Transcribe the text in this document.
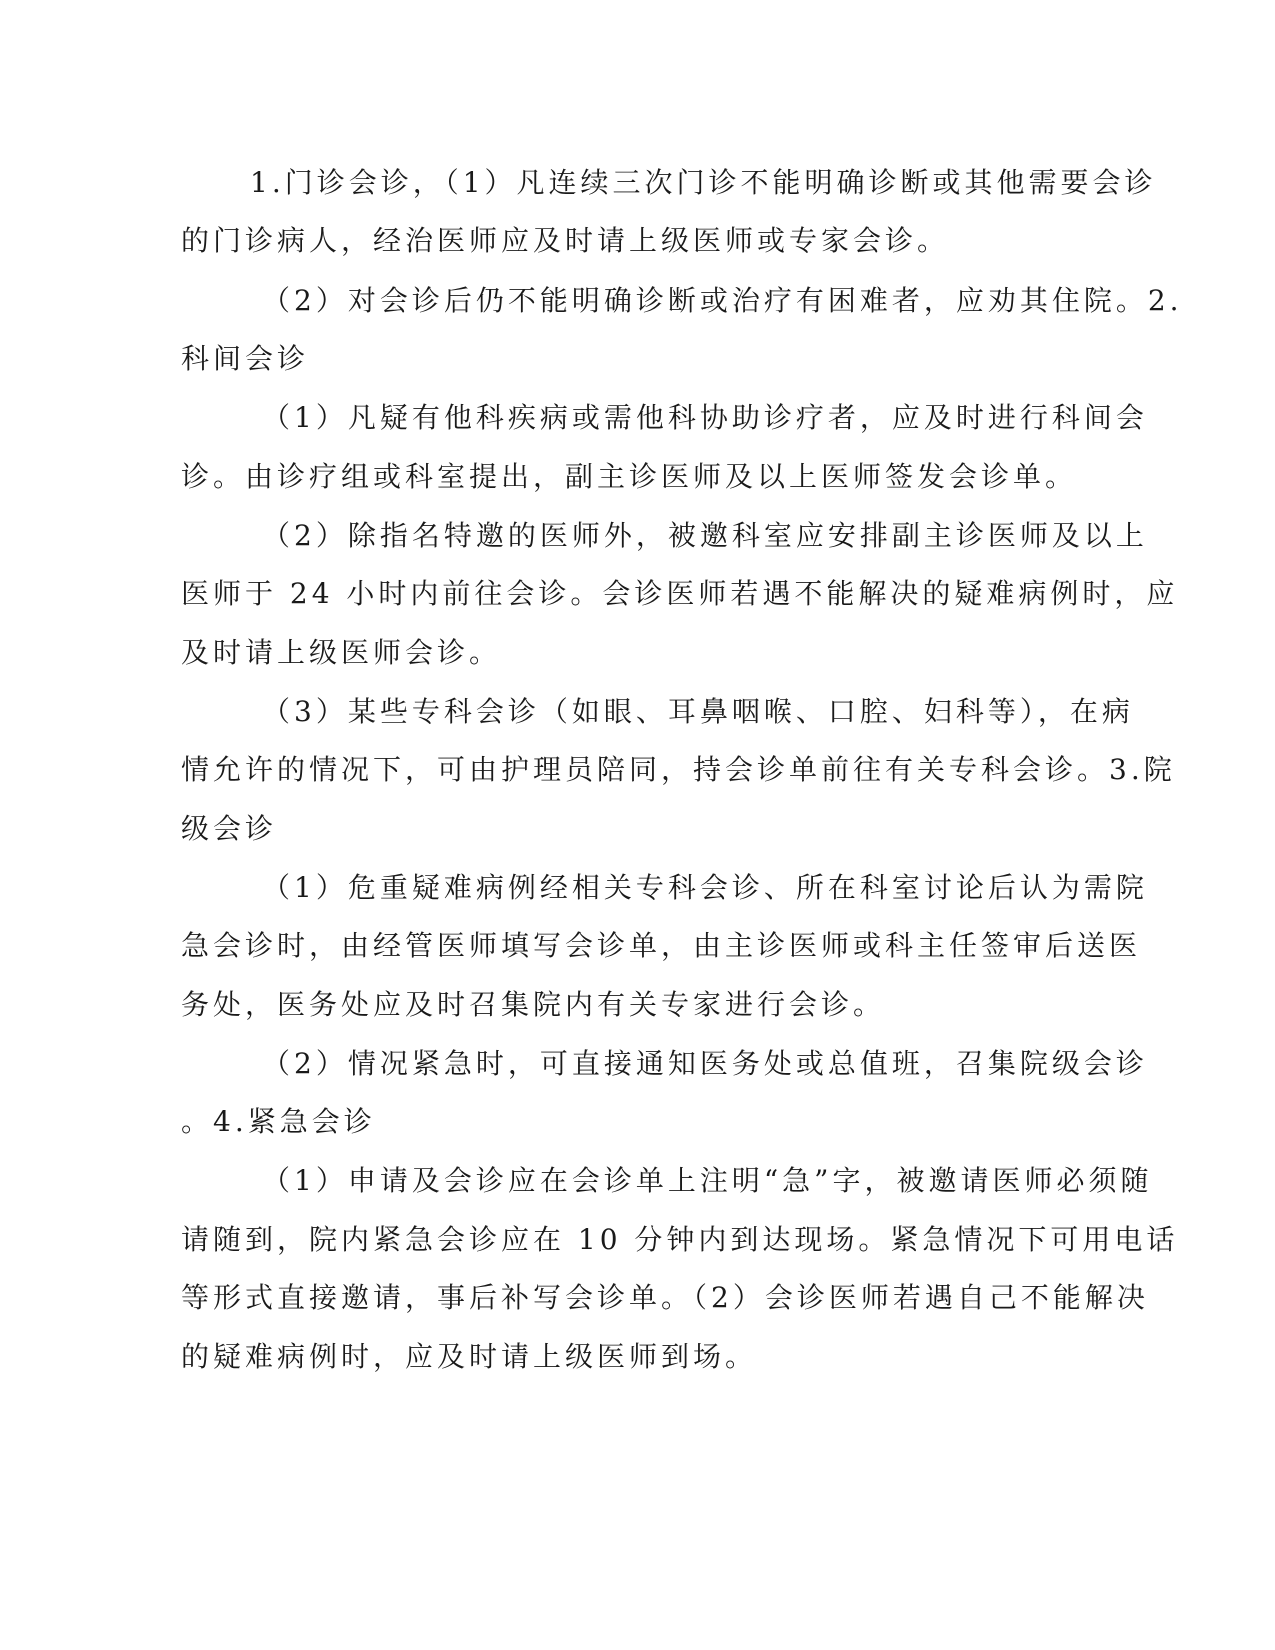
1.门诊会诊，（1）凡连续三次门诊不能明确诊断或其他需要会诊
的门诊病人，经治医师应及时请上级医师或专家会诊。
（2）对会诊后仍不能明确诊断或治疗有困难者，应劝其住院。2.
科间会诊
（1）凡疑有他科疾病或需他科协助诊疗者，应及时进行科间会
诊。由诊疗组或科室提出，副主诊医师及以上医师签发会诊单。
（2）除指名特邀的医师外，被邀科室应安排副主诊医师及以上
医师于 24 小时内前往会诊。会诊医师若遇不能解决的疑难病例时，应
及时请上级医师会诊。
（3）某些专科会诊（如眼、耳鼻咽喉、口腔、妇科等），在病
情允许的情况下，可由护理员陪同，持会诊单前往有关专科会诊。3.院
级会诊
（1）危重疑难病例经相关专科会诊、所在科室讨论后认为需院
急会诊时，由经管医师填写会诊单，由主诊医师或科主任签审后送医
务处，医务处应及时召集院内有关专家进行会诊。
（2）情况紧急时，可直接通知医务处或总值班，召集院级会诊
。4.紧急会诊
（1）申请及会诊应在会诊单上注明“急”字，被邀请医师必须随
请随到，院内紧急会诊应在 10 分钟内到达现场。紧急情况下可用电话
等形式直接邀请，事后补写会诊单。（2）会诊医师若遇自己不能解决
的疑难病例时，应及时请上级医师到场。
